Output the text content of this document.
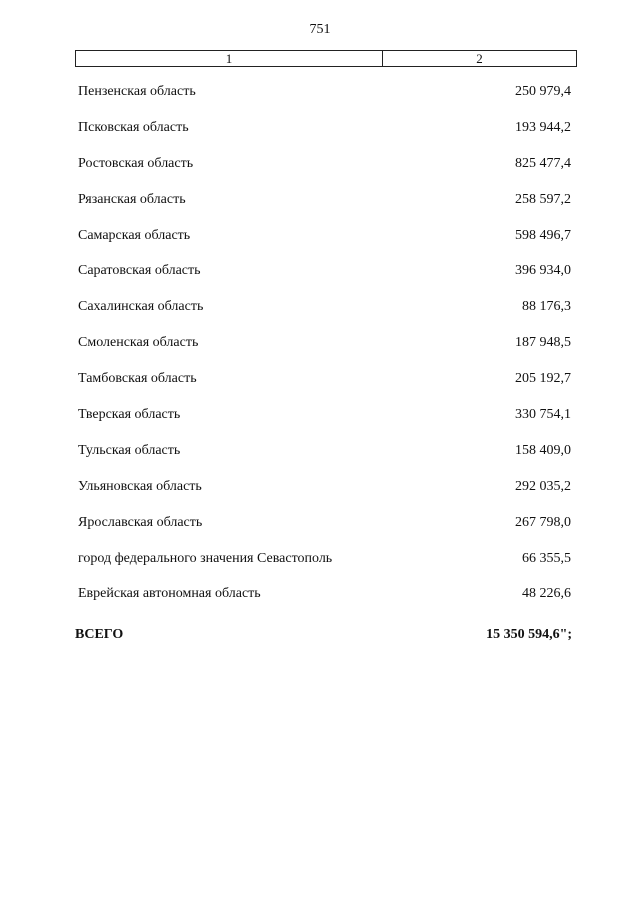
751
1	2
Пензенская область	250 979,4
Псковская область	193 944,2
Ростовская область	825 477,4
Рязанская область	258 597,2
Самарская область	598 496,7
Саратовская область	396 934,0
Сахалинская область	88 176,3
Смоленская область	187 948,5
Тамбовская область	205 192,7
Тверская область	330 754,1
Тульская область	158 409,0
Ульяновская область	292 035,2
Ярославская область	267 798,0
город федерального значения Севастополь	66 355,5
Еврейская автономная область	48 226,6
ВСЕГО	15 350 594,6";
